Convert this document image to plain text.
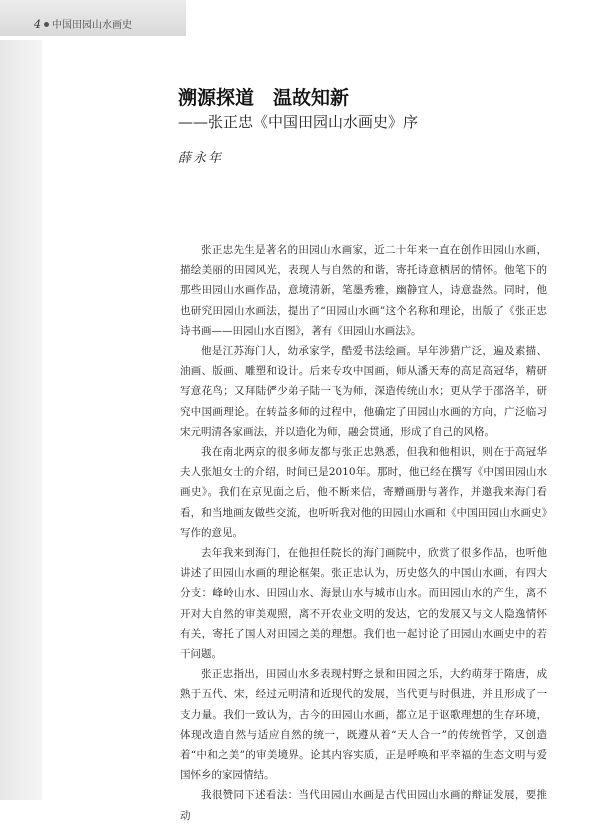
4 中国田园山水画史
溯源探道　温故知新
——张正忠《中国田园山水画史》序
薛永年

张正忠先生是著名的田园山水画家，近二十年来一直在创作田园山水画，描绘美丽的田园风光，表现人与自然的和谐，寄托诗意栖居的情怀。他笔下的那些田园山水画作品，意境清新，笔墨秀雅，幽静宜人，诗意盎然。同时，他也研究田园山水画法，提出了“田园山水画”这个名称和理论，出版了《张正忠诗书画——田园山水百图》，著有《田园山水画法》。

他是江苏海门人，幼承家学，酷爱书法绘画。早年涉猎广泛，遍及素描、油画、版画、雕塑和设计。后来专攻中国画，师从潘天寿的高足高冠华，精研写意花鸟；又拜陆俨少弟子陆一飞为师，深造传统山水；更从学于邵洛羊，研究中国画理论。在转益多师的过程中，他确定了田园山水画的方向，广泛临习宋元明清各家画法，并以造化为师，融会贯通，形成了自己的风格。

我在南北两京的很多师友都与张正忠熟悉，但我和他相识，则在于高冠华夫人张旭女士的介绍，时间已是2010年。那时，他已经在撰写《中国田园山水画史》。我们在京见面之后，他不断来信，寄赠画册与著作，并邀我来海门看看，和当地画友做些交流，也听听我对他的田园山水画和《中国田园山水画史》写作的意见。

去年我来到海门，在他担任院长的海门画院中，欣赏了很多作品，也听他讲述了田园山水画的理论框架。张正忠认为，历史悠久的中国山水画，有四大分支：峰岭山水、田园山水、海景山水与城市山水。而田园山水的产生，离不开对大自然的审美观照，离不开农业文明的发达，它的发展又与文人隐逸情怀有关，寄托了国人对田园之美的理想。我们也一起讨论了田园山水画史中的若干问题。

张正忠指出，田园山水多表现村野之景和田园之乐，大约萌芽于隋唐，成熟于五代、宋，经过元明清和近现代的发展，当代更与时俱进，并且形成了一支力量。我们一致认为，古今的田园山水画，都立足于讴歌理想的生存环境，体现改造自然与适应自然的统一，既遵从着“天人合一”的传统哲学，又创造着“中和之美”的审美境界。论其内容实质，正是呼唤和平幸福的生态文明与爱国怀乡的家园情结。

我很赞同下述看法：当代田园山水画是古代田园山水画的辩证发展，要推动
